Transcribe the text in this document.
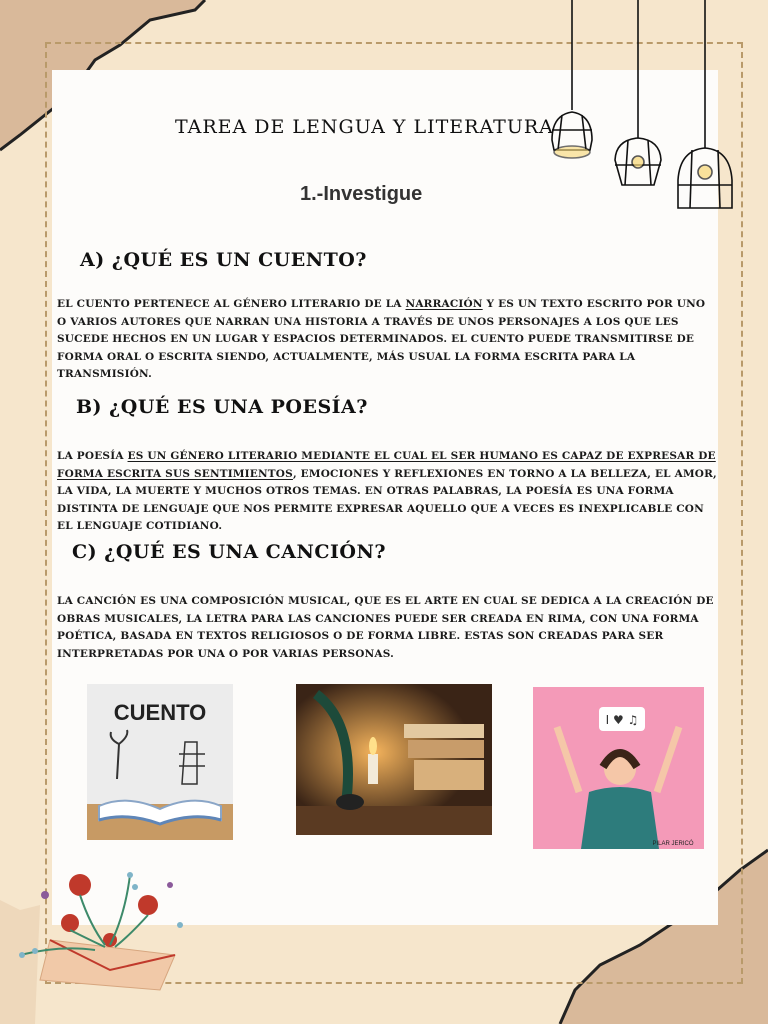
TAREA DE LENGUA Y LITERATURA
1.-Investigue
A) ¿QUÉ ES UN CUENTO?
EL CUENTO PERTENECE AL GÉNERO LITERARIO DE LA NARRACIÓN Y ES UN TEXTO ESCRITO POR UNO O VARIOS AUTORES QUE NARRAN UNA HISTORIA A TRAVÉS DE UNOS PERSONAJES A LOS QUE LES SUCEDE HECHOS EN UN LUGAR Y ESPACIOS DETERMINADOS. EL CUENTO PUEDE TRANSMITIRSE DE FORMA ORAL O ESCRITA SIENDO, ACTUALMENTE, MÁS USUAL LA FORMA ESCRITA PARA LA TRANSMISIÓN.
B) ¿QUÉ ES UNA POESÍA?
LA POESÍA ES UN GÉNERO LITERARIO MEDIANTE EL CUAL EL SER HUMANO ES CAPAZ DE EXPRESAR DE FORMA ESCRITA SUS SENTIMIENTOS, EMOCIONES Y REFLEXIONES EN TORNO A LA BELLEZA, EL AMOR, LA VIDA, LA MUERTE Y MUCHOS OTROS TEMAS. EN OTRAS PALABRAS, LA POESÍA ES UNA FORMA DISTINTA DE LENGUAJE QUE NOS PERMITE EXPRESAR AQUELLO QUE A VECES ES INEXPLICABLE CON EL LENGUAJE COTIDIANO.
C) ¿QUÉ ES UNA CANCIÓN?
LA CANCIÓN ES UNA COMPOSICIÓN MUSICAL, QUE ES EL ARTE EN CUAL SE DEDICA A LA CREACIÓN DE OBRAS MUSICALES, LA LETRA PARA LAS CANCIONES PUEDE SER CREADA EN RIMA, CON UNA FORMA POÉTICA, BASADA EN TEXTOS RELIGIOSOS O DE FORMA LIBRE. ESTAS SON CREADAS PARA SER INTERPRETADAS POR UNA O POR VARIAS PERSONAS.
CUENTO	I ♥ ♫
PILAR JERICÓ
